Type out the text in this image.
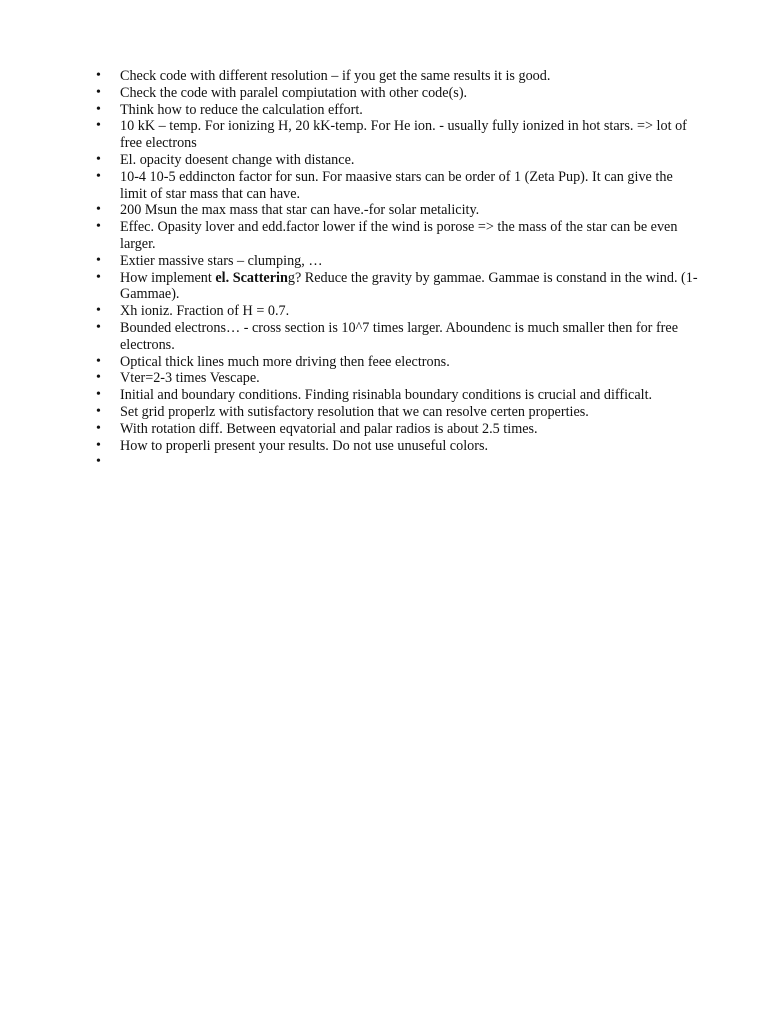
•	Check code with different resolution – if you get the same results it is good.
•	Check the code with paralel compiutation with other code(s).
•	Think how to reduce the calculation effort.
•	10 kK – temp. For ionizing H, 20 kK-temp. For He ion. - usually fully ionized in hot stars. => lot of free electrons
•	El. opacity doesent change with distance.
•	10-4 10-5 eddincton factor for sun. For maasive stars can be order of 1 (Zeta Pup). It can give the limit of star mass that can have.
•	200 Msun the max mass that star can have.-for solar metalicity.
•	Effec. Opasity lover and edd.factor lower if the wind is porose => the mass of the star can be even larger.
•	Extier massive stars – clumping, …
•	How implement el. Scattering? Reduce the gravity by gammae. Gammae is constand in the wind. (1-Gammae).
•	Xh ioniz. Fraction of H = 0.7.
•	Bounded electrons… - cross section is 10^7 times larger. Aboundenc is much smaller then for free electrons.
•	Optical thick lines much more driving then feee electrons.
•	Vter=2-3 times Vescape.
•	Initial and boundary conditions. Finding risinabla boundary conditions is crucial and difficalt.
•	Set grid properlz with sutisfactory resolution that we can resolve certen properties.
•	With rotation diff. Between eqvatorial and palar radios is about 2.5 times.
•	How to properli present your results. Do not use unuseful colors.
•
